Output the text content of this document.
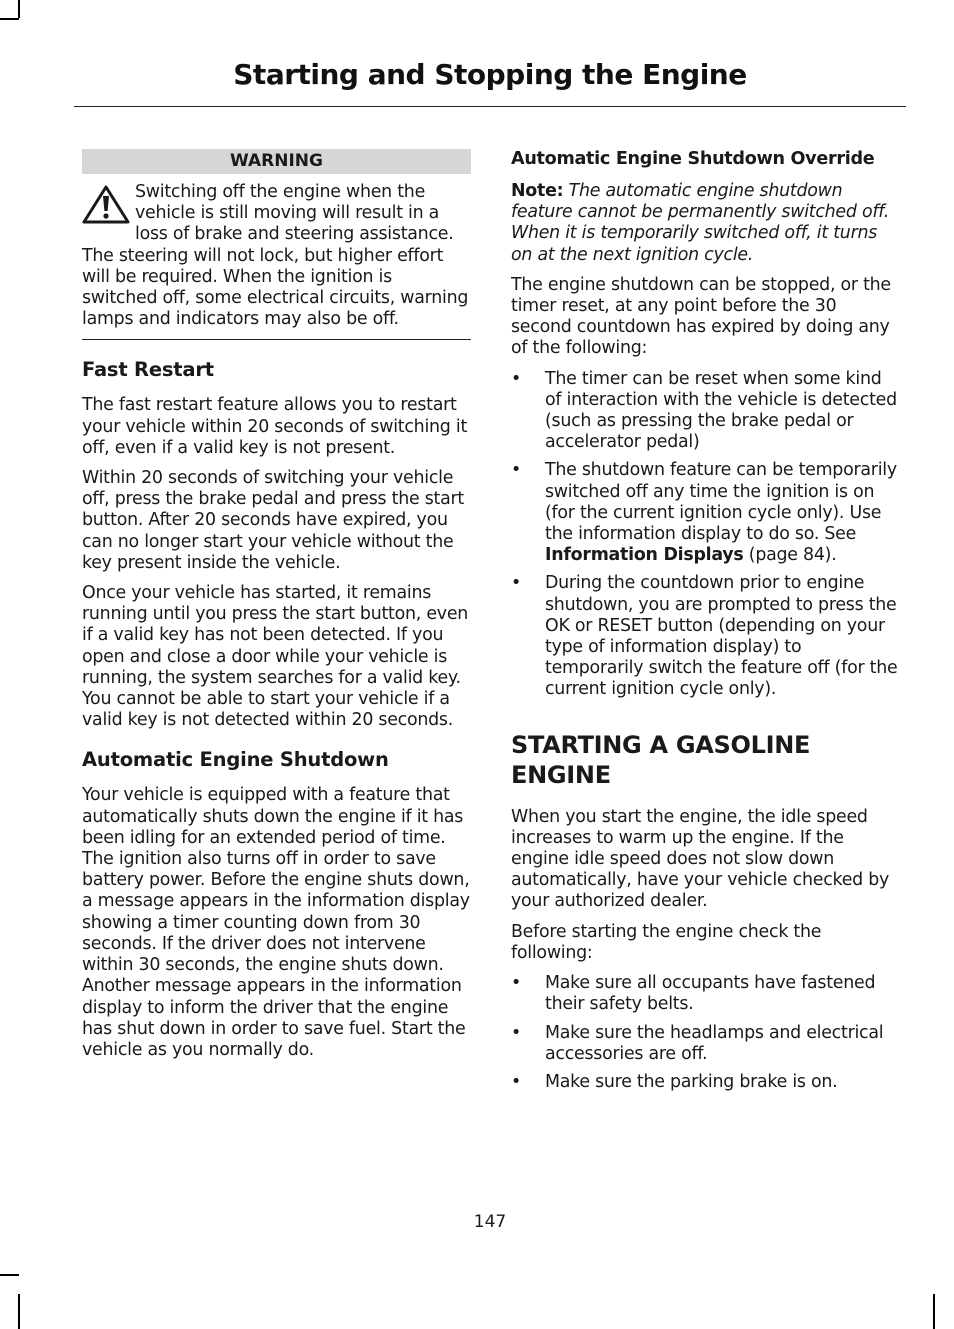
Starting and Stopping the Engine
WARNING
Switching off the engine when the vehicle is still moving will result in a loss of brake and steering assistance. The steering will not lock, but higher effort will be required. When the ignition is switched off, some electrical circuits, warning lamps and indicators may also be off.
Fast Restart

The fast restart feature allows you to restart your vehicle within 20 seconds of switching it off, even if a valid key is not present.

Within 20 seconds of switching your vehicle off, press the brake pedal and press the start button. After 20 seconds have expired, you can no longer start your vehicle without the key present inside the vehicle.

Once your vehicle has started, it remains running until you press the start button, even if a valid key has not been detected. If you open and close a door while your vehicle is running, the system searches for a valid key. You cannot be able to start your vehicle if a valid key is not detected within 20 seconds.

Automatic Engine Shutdown

Your vehicle is equipped with a feature that automatically shuts down the engine if it has been idling for an extended period of time. The ignition also turns off in order to save battery power. Before the engine shuts down, a message appears in the information display showing a timer counting down from 30 seconds. If the driver does not intervene within 30 seconds, the engine shuts down. Another message appears in the information display to inform the driver that the engine has shut down in order to save fuel. Start the vehicle as you normally do.

Automatic Engine Shutdown Override

Note: The automatic engine shutdown feature cannot be permanently switched off. When it is temporarily switched off, it turns on at the next ignition cycle.

The engine shutdown can be stopped, or the timer reset, at any point before the 30 second countdown has expired by doing any of the following:

• The timer can be reset when some kind of interaction with the vehicle is detected (such as pressing the brake pedal or accelerator pedal)
• The shutdown feature can be temporarily switched off any time the ignition is on (for the current ignition cycle only). Use the information display to do so. See Information Displays (page 84).
• During the countdown prior to engine shutdown, you are prompted to press the OK or RESET button (depending on your type of information display) to temporarily switch the feature off (for the current ignition cycle only).
STARTING A GASOLINE ENGINE

When you start the engine, the idle speed increases to warm up the engine. If the engine idle speed does not slow down automatically, have your vehicle checked by your authorized dealer.

Before starting the engine check the following:

• Make sure all occupants have fastened their safety belts.
• Make sure the headlamps and electrical accessories are off.
• Make sure the parking brake is on.
147
